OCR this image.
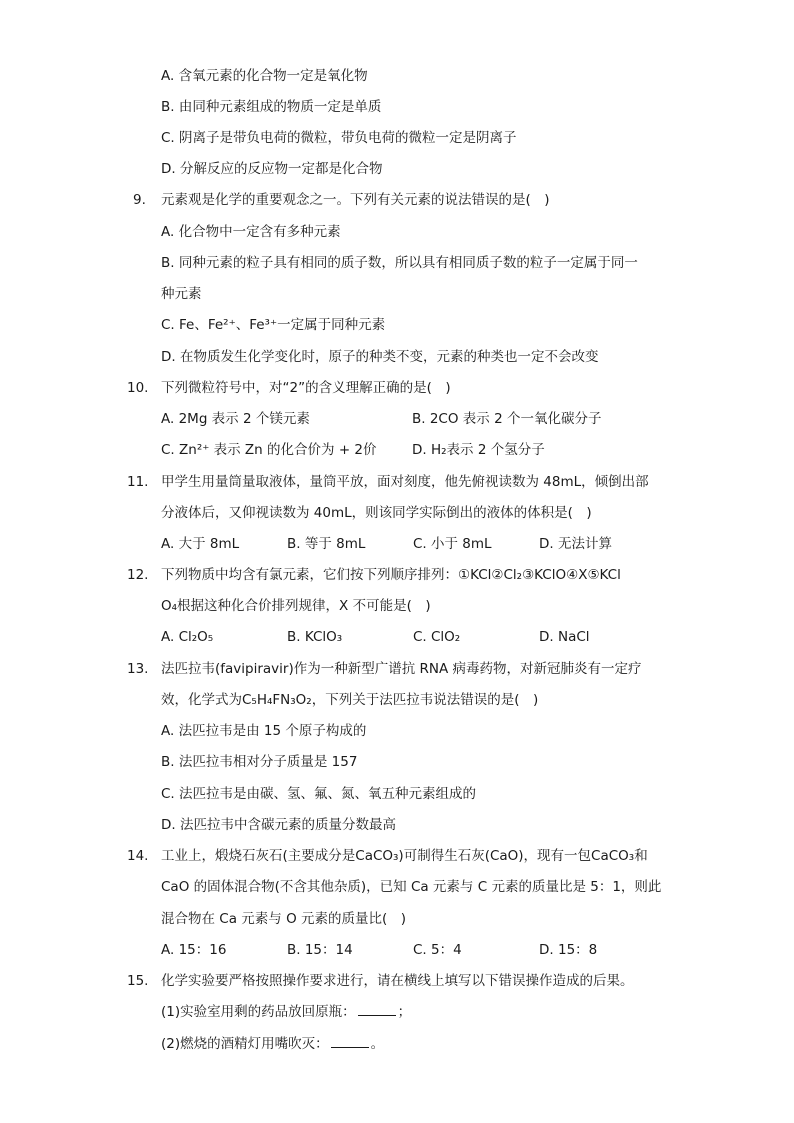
A. 含氧元素的化合物一定是氧化物
B. 由同种元素组成的物质一定是单质
C. 阴离子是带负电荷的微粒，带负电荷的微粒一定是阴离子
D. 分解反应的反应物一定都是化合物
9. 元素观是化学的重要观念之一。下列有关元素的说法错误的是(　)
A. 化合物中一定含有多种元素
B. 同种元素的粒子具有相同的质子数，所以具有相同质子数的粒子一定属于同一
种元素
C. Fe、Fe²⁺、Fe³⁺一定属于同种元素
D. 在物质发生化学变化时，原子的种类不变，元素的种类也一定不会改变
10. 下列微粒符号中，对“2”的含义理解正确的是(　)
A. 2Mg 表示 2 个镁元素	B. 2CO 表示 2 个一氧化碳分子
C. Zn²⁺ 表示 Zn 的化合价为 + 2价	D. H₂表示 2 个氢分子
11. 甲学生用量筒量取液体，量筒平放，面对刻度，他先俯视读数为 48mL，倾倒出部
分液体后，又仰视读数为 40mL，则该同学实际倒出的液体的体积是(　)
A. 大于 8mL	B. 等于 8mL	C. 小于 8mL	D. 无法计算
12. 下列物质中均含有氯元素，它们按下列顺序排列：①KCl②Cl₂③KClO④X⑤KCl
O₄根据这种化合价排列规律，X 不可能是(　)
A. Cl₂O₅	B. KClO₃	C. ClO₂	D. NaCl
13. 法匹拉韦(favipiravir)作为一种新型广谱抗 RNA 病毒药物，对新冠肺炎有一定疗
效，化学式为C₅H₄FN₃O₂，下列关于法匹拉韦说法错误的是(　)
A. 法匹拉韦是由 15 个原子构成的
B. 法匹拉韦相对分子质量是 157
C. 法匹拉韦是由碳、氢、氟、氮、氧五种元素组成的
D. 法匹拉韦中含碳元素的质量分数最高
14. 工业上，煅烧石灰石(主要成分是CaCO₃)可制得生石灰(CaO)，现有一包CaCO₃和
CaO 的固体混合物(不含其他杂质)，已知 Ca 元素与 C 元素的质量比是 5：1，则此
混合物在 Ca 元素与 O 元素的质量比(　)
A. 15：16	B. 15：14	C. 5：4	D. 15：8
15. 化学实验要严格按照操作要求进行，请在横线上填写以下错误操作造成的后果。
(1)实验室用剩的药品放回原瓶：	；
(2)燃烧的酒精灯用嘴吹灭：	。
